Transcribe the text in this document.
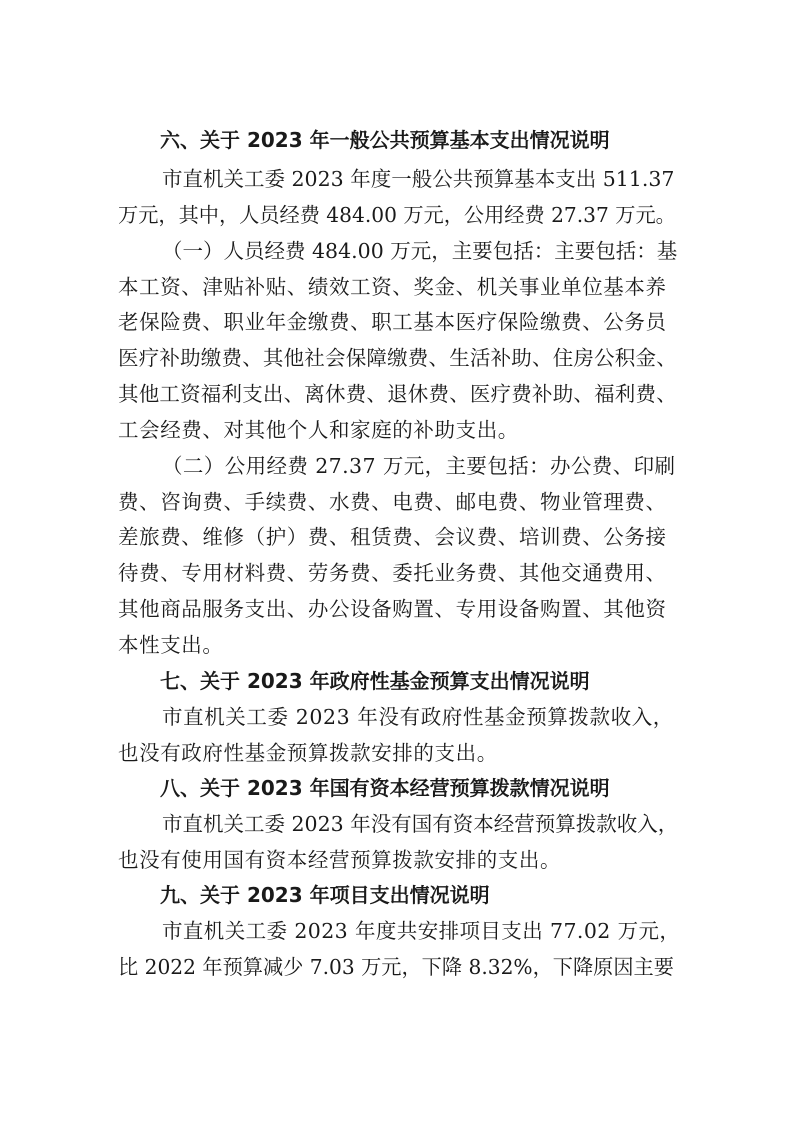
六、关于 2023 年一般公共预算基本支出情况说明
市直机关工委 2023 年度一般公共预算基本支出 511.37
万元，其中，人员经费 484.00 万元，公用经费 27.37 万元。
（一）人员经费 484.00 万元，主要包括：主要包括：基
本工资、津贴补贴、绩效工资、奖金、机关事业单位基本养
老保险费、职业年金缴费、职工基本医疗保险缴费、公务员
医疗补助缴费、其他社会保障缴费、生活补助、住房公积金、
其他工资福利支出、离休费、退休费、医疗费补助、福利费、
工会经费、对其他个人和家庭的补助支出。
（二）公用经费 27.37 万元，主要包括：办公费、印刷
费、咨询费、手续费、水费、电费、邮电费、物业管理费、
差旅费、维修（护）费、租赁费、会议费、培训费、公务接
待费、专用材料费、劳务费、委托业务费、其他交通费用、
其他商品服务支出、办公设备购置、专用设备购置、其他资
本性支出。
七、关于 2023 年政府性基金预算支出情况说明
市直机关工委 2023 年没有政府性基金预算拨款收入，
也没有政府性基金预算拨款安排的支出。
八、关于 2023 年国有资本经营预算拨款情况说明
市直机关工委 2023 年没有国有资本经营预算拨款收入，
也没有使用国有资本经营预算拨款安排的支出。
九、关于 2023 年项目支出情况说明
市直机关工委 2023 年度共安排项目支出 77.02 万元，
比 2022 年预算减少 7.03 万元，下降 8.32%，下降原因主要
